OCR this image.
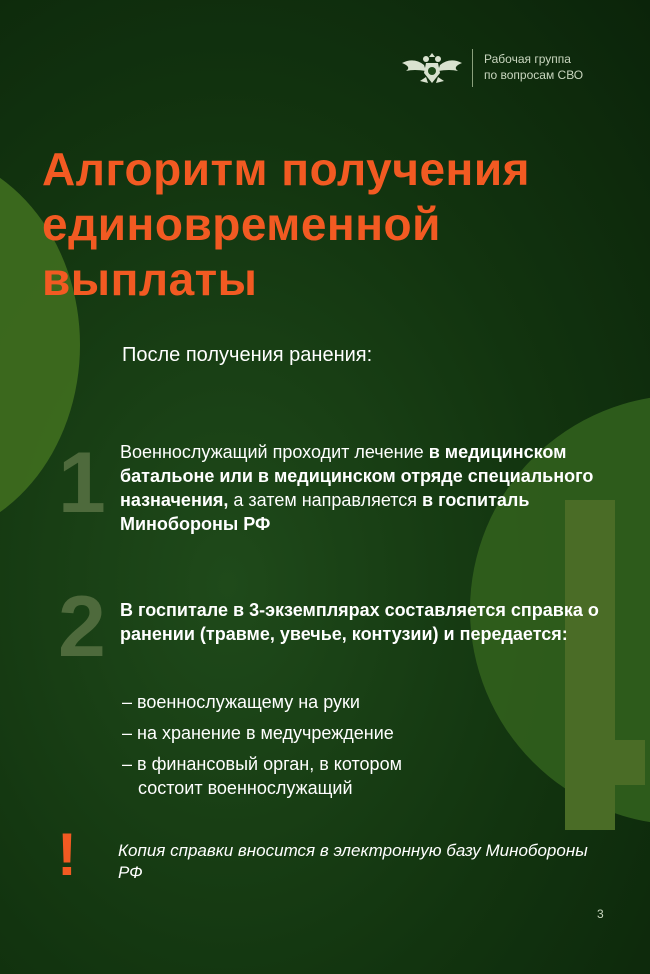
Рабочая группа
по вопросам СВО
Алгоритм получения
единовременной
выплаты
После получения ранения:
1 Военнослужащий проходит лечение в медицинском батальоне или в медицинском отряде специального назначения, а затем направляется в госпиталь Минобороны РФ
2 В госпитале в 3-экземплярах составляется справка о ранении (травме, увечье, контузии) и передается:
– военнослужащему на руки
– на хранение в медучреждение
– в финансовый орган, в котором
состоит военнослужащий
! Копия справки вносится в электронную базу Минобороны РФ
3
